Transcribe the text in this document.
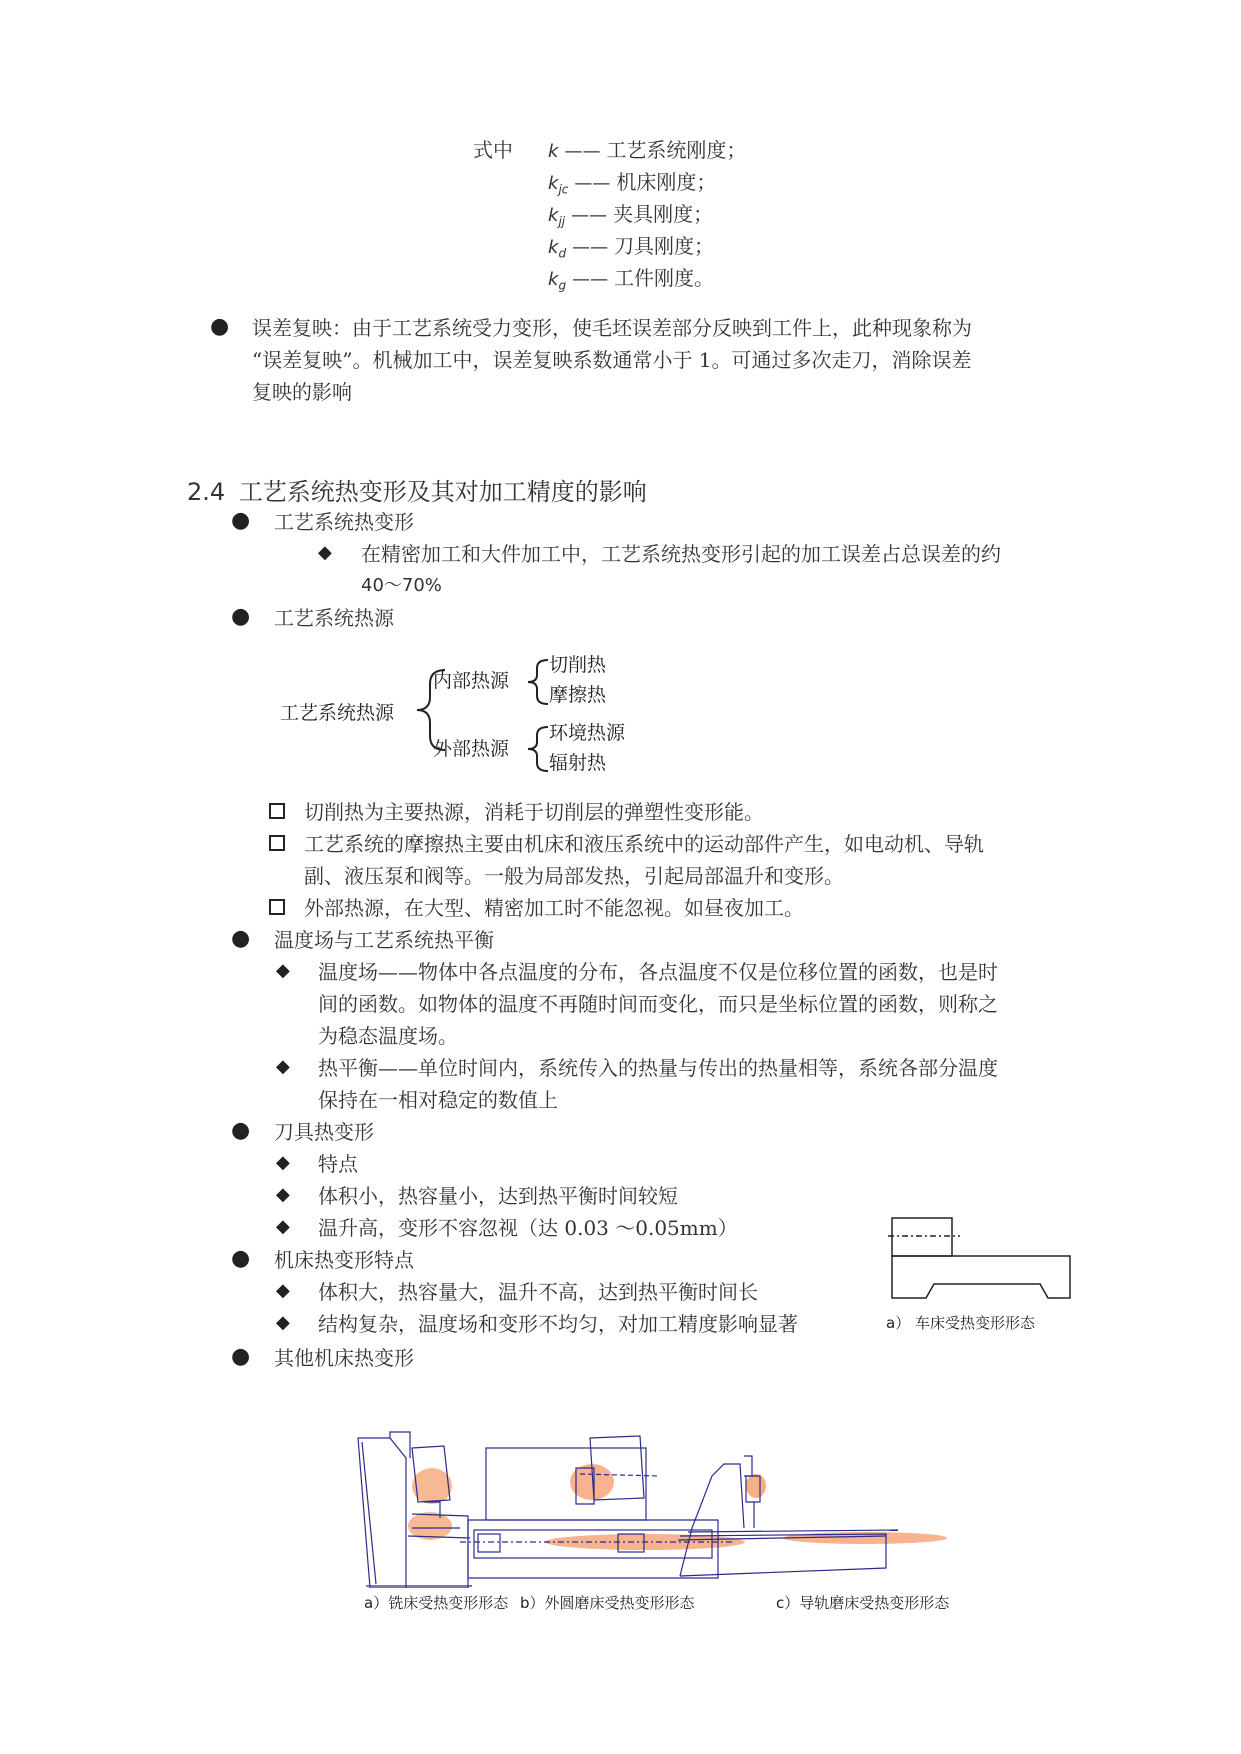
式中 k —— 工艺系统刚度；
$k_{jc}$ —— 机床刚度；
$k_{jj}$ —— 夹具刚度；
$k_d$ —— 刀具刚度；
$k_g$ —— 工件刚度。
● 误差复映：由于工艺系统受力变形，使毛坯误差部分反映到工件上，此种现象称为
“误差复映”。机械加工中，误差复映系数通常小于 1。可通过多次走刀，消除误差
复映的影响
2.4 工艺系统热变形及其对加工精度的影响
● 工艺系统热变形
◆ 在精密加工和大件加工中，工艺系统热变形引起的加工误差占总误差的约
40～70%
● 工艺系统热源
工艺系统热源
内部热源
外部热源
切削热
摩擦热
环境热源
辐射热
切削热为主要热源，消耗于切削层的弹塑性变形能。
工艺系统的摩擦热主要由机床和液压系统中的运动部件产生，如电动机、导轨
副、液压泵和阀等。一般为局部发热，引起局部温升和变形。
外部热源，在大型、精密加工时不能忽视。如昼夜加工。
● 温度场与工艺系统热平衡
◆ 温度场——物体中各点温度的分布，各点温度不仅是位移位置的函数，也是时
间的函数。如物体的温度不再随时间而变化，而只是坐标位置的函数，则称之
为稳态温度场。
◆ 热平衡——单位时间内，系统传入的热量与传出的热量相等，系统各部分温度
保持在一相对稳定的数值上
● 刀具热变形
◆ 特点
◆ 体积小，热容量小，达到热平衡时间较短
◆ 温升高，变形不容忽视（达 0.03 ～0.05mm）
● 机床热变形特点
◆ 体积大，热容量大，温升不高，达到热平衡时间长
◆ 结构复杂，温度场和变形不均匀，对加工精度影响显著
● 其他机床热变形
a） 车床受热变形形态
a）铣床受热变形形态 b）外圆磨床受热变形形态	c）导轨磨床受热变形形态
